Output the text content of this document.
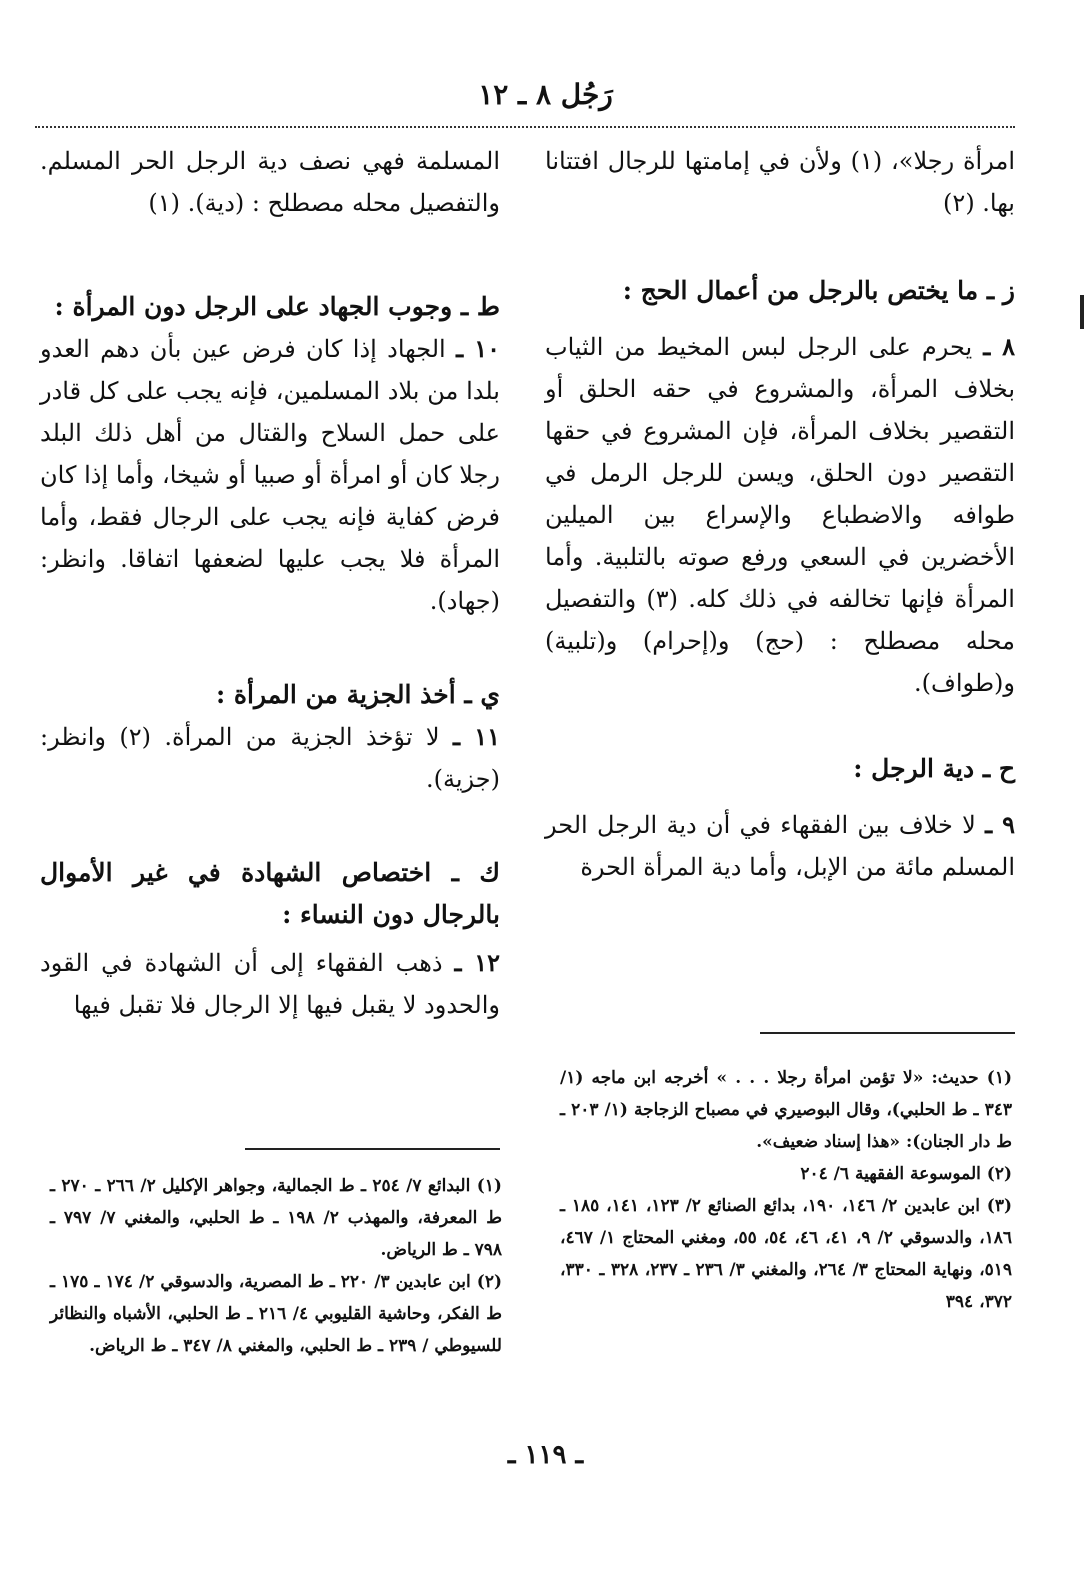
رَجُل ٨ ـ ١٢

امرأة رجلا»، (١) ولأن في إمامتها للرجال افتتانا بها. (٢)

ز ـ ما يختص بالرجل من أعمال الحج :

٨ ـ يحرم على الرجل لبس المخيط من الثياب بخلاف المرأة، والمشروع في حقه الحلق أو التقصير بخلاف المرأة، فإن المشروع في حقها التقصير دون الحلق، ويسن للرجل الرمل في طوافه والاضطباع والإسراع بين الميلين الأخضرين في السعي ورفع صوته بالتلبية. وأما المرأة فإنها تخالفه في ذلك كله. (٣) والتفصيل محله مصطلح : (حج) و(إحرام) و(تلبية) و(طواف).

ح ـ دية الرجل :

٩ ـ لا خلاف بين الفقهاء في أن دية الرجل الحر المسلم مائة من الإبل، وأما دية المرأة الحرة

(١) حديث: «لا تؤمن امرأة رجلا . . . » أخرجه ابن ماجه (١/ ٣٤٣ ـ ط الحلبي)، وقال البوصيري في مصباح الزجاجة (١/ ٢٠٣ ـ ط دار الجنان): «هذا إسناد ضعيف».
(٢) الموسوعة الفقهية ٦/ ٢٠٤
(٣) ابن عابدين ٢/ ١٤٦، ١٩٠، بدائع الصنائع ٢/ ١٢٣، ١٤١، ١٨٥ ـ ١٨٦، والدسوقي ٢/ ٩، ٤١، ٤٦، ٥٤، ٥٥، ومغني المحتاج ١/ ٤٦٧، ٥١٩، ونهاية المحتاج ٣/ ٢٦٤، والمغني ٣/ ٢٣٦ ـ ٢٣٧، ٣٢٨ ـ ٣٣٠، ٣٧٢، ٣٩٤

المسلمة فهي نصف دية الرجل الحر المسلم. والتفصيل محله مصطلح : (دية). (١)

ط ـ وجوب الجهاد على الرجل دون المرأة :

١٠ ـ الجهاد إذا كان فرض عين بأن دهم العدو بلدا من بلاد المسلمين، فإنه يجب على كل قادر على حمل السلاح والقتال من أهل ذلك البلد رجلا كان أو امرأة أو صبيا أو شيخا، وأما إذا كان فرض كفاية فإنه يجب على الرجال فقط، وأما المرأة فلا يجب عليها لضعفها اتفاقا. وانظر: (جهاد).

ي ـ أخذ الجزية من المرأة :

١١ ـ لا تؤخذ الجزية من المرأة. (٢) وانظر: (جزية).

ك ـ اختصاص الشهادة في غير الأموال بالرجال دون النساء :

١٢ ـ ذهب الفقهاء إلى أن الشهادة في القود والحدود لا يقبل فيها إلا الرجال فلا تقبل فيها

(١) البدائع ٧/ ٢٥٤ ـ ط الجمالية، وجواهر الإكليل ٢/ ٢٦٦ ـ ٢٧٠ ـ ط المعرفة، والمهذب ٢/ ١٩٨ ـ ط الحلبي، والمغني ٧/ ٧٩٧ ـ ٧٩٨ ـ ط الرياض.
(٢) ابن عابدين ٣/ ٢٢٠ ـ ط المصرية، والدسوقي ٢/ ١٧٤ ـ ١٧٥ ـ ط الفكر، وحاشية القليوبي ٤/ ٢١٦ ـ ط الحلبي، الأشباه والنظائر للسيوطي / ٢٣٩ ـ ط الحلبي، والمغني ٨/ ٣٤٧ ـ ط الرياض.
ـ ١١٩ ـ
